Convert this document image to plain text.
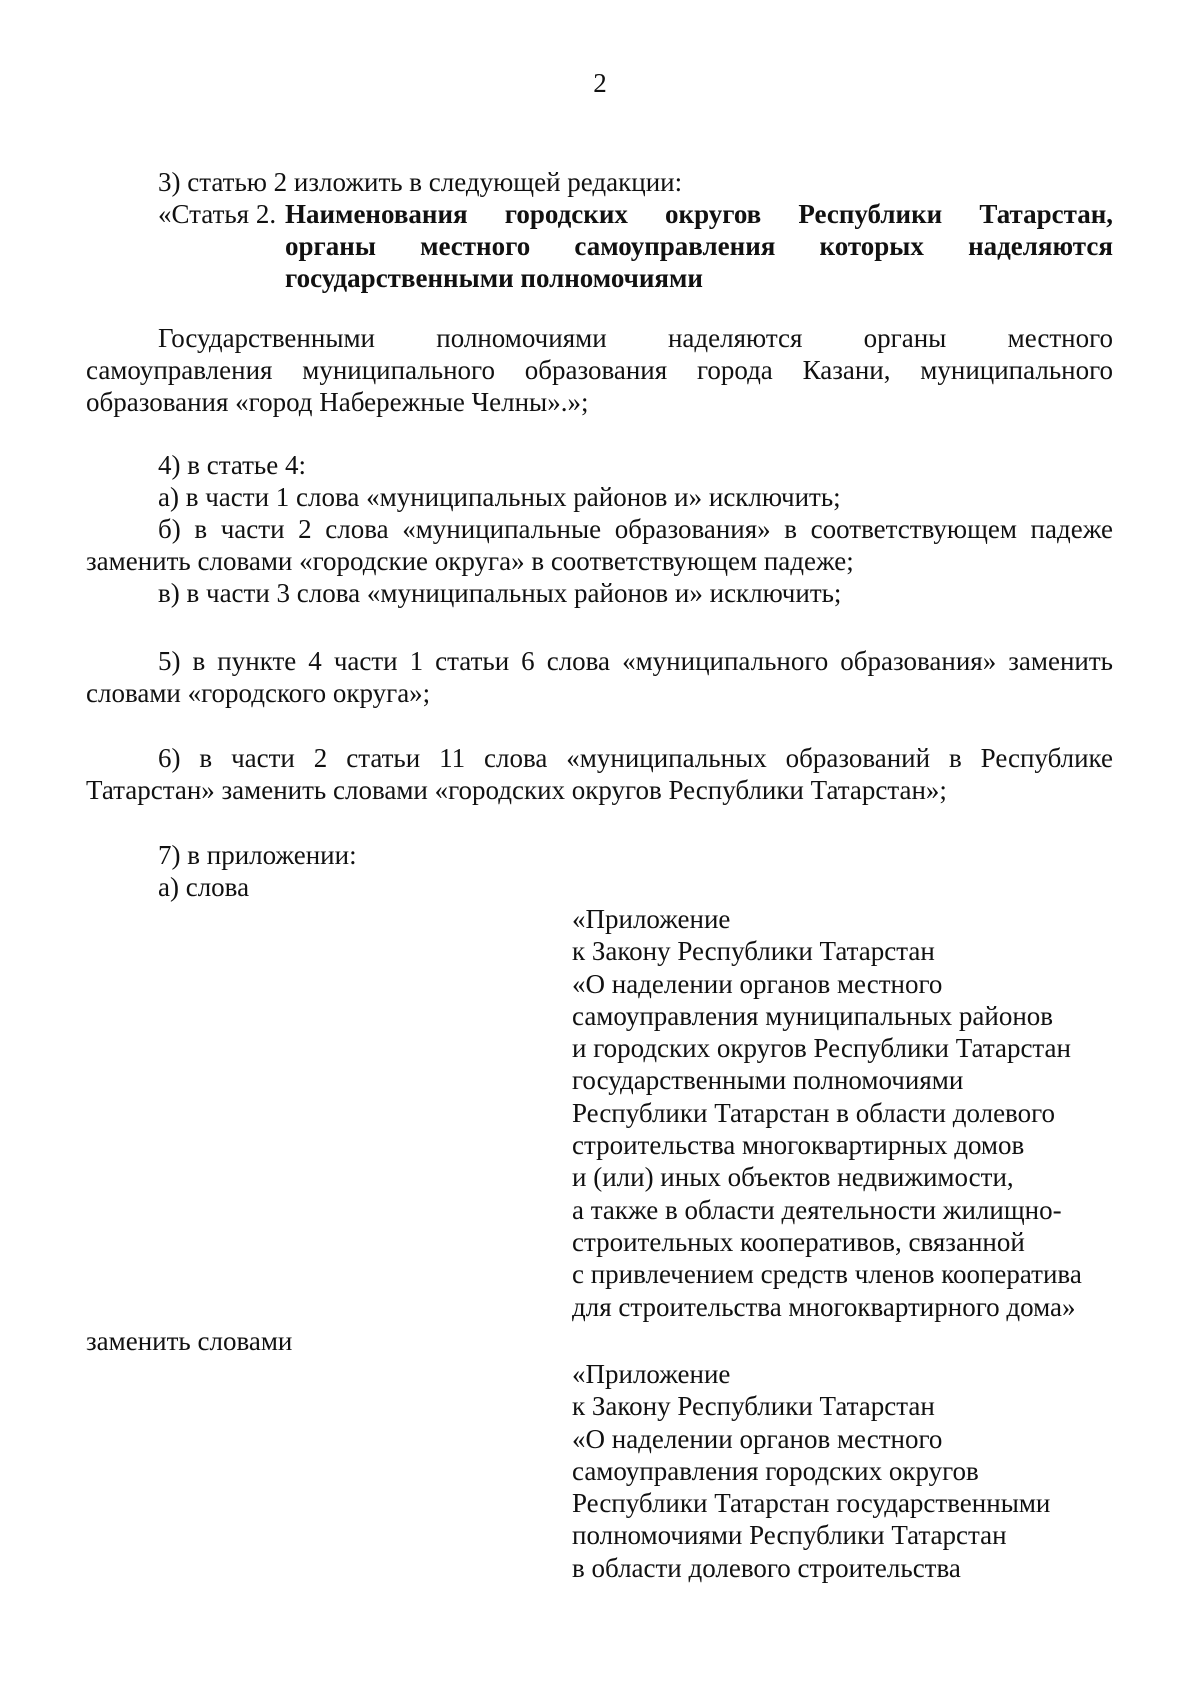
2
3) статью 2 изложить в следующей редакции:
«Статья 2. Наименования городских округов Республики Татарстан,
органы местного самоуправления которых наделяются
государственными полномочиями
Государственными полномочиями наделяются органы местного
самоуправления муниципального образования города Казани, муниципального
образования «город Набережные Челны».»;
4) в статье 4:
а) в части 1 слова «муниципальных районов и» исключить;
б) в части 2 слова «муниципальные образования» в соответствующем падеже
заменить словами «городские округа» в соответствующем падеже;
в) в части 3 слова «муниципальных районов и» исключить;
5) в пункте 4 части 1 статьи 6 слова «муниципального образования» заменить
словами «городского округа»;
6) в части 2 статьи 11 слова «муниципальных образований в Республике
Татарстан» заменить словами «городских округов Республики Татарстан»;
7) в приложении:
а) слова
«Приложение
к Закону Республики Татарстан
«О наделении органов местного
самоуправления муниципальных районов
и городских округов Республики Татарстан
государственными полномочиями
Республики Татарстан в области долевого
строительства многоквартирных домов
и (или) иных объектов недвижимости,
а также в области деятельности жилищно-
строительных кооперативов, связанной
с привлечением средств членов кооператива
для строительства многоквартирного дома»
заменить словами
«Приложение
к Закону Республики Татарстан
«О наделении органов местного
самоуправления городских округов
Республики Татарстан государственными
полномочиями Республики Татарстан
в области долевого строительства
